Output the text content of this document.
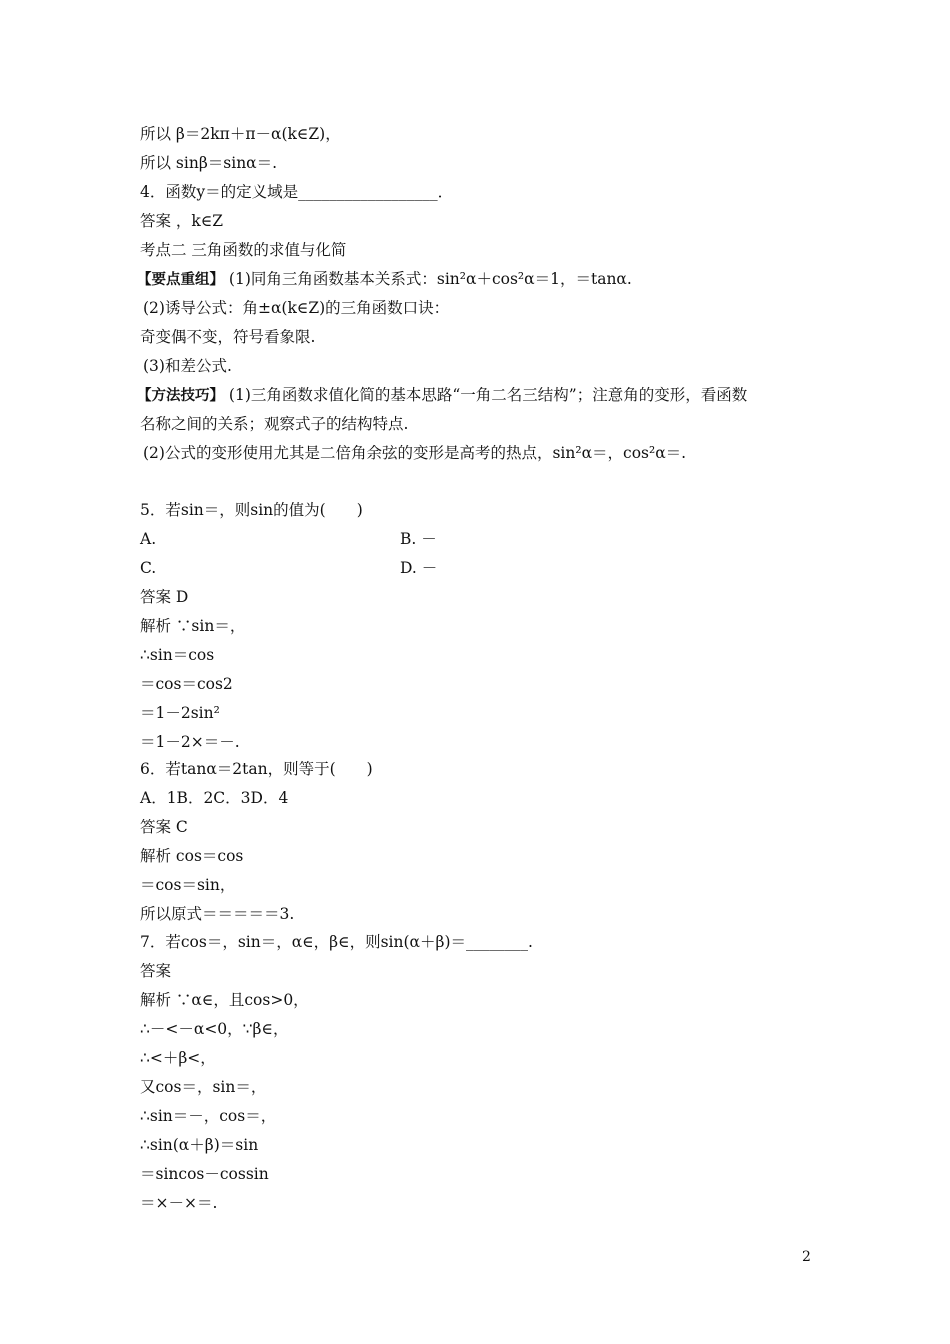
所以 β＝2kπ＋π－α(k∈Z)，
所以 sinβ＝sinα＝.
4．函数y＝的定义域是__________________．
答案 ，k∈Z
考点二 三角函数的求值与化简
【要点重组】 (1)同角三角函数基本关系式：sin²α＋cos²α＝1，＝tanα.
(2)诱导公式：角±α(k∈Z)的三角函数口诀：
奇变偶不变，符号看象限.
(3)和差公式.
【方法技巧】 (1)三角函数求值化简的基本思路“一角二名三结构”；注意角的变形，看函数
名称之间的关系；观察式子的结构特点.
(2)公式的变形使用尤其是二倍角余弦的变形是高考的热点，sin²α＝，cos²α＝.
5．若sin＝，则sin的值为(　　)
A.	B. －
C.	D. －
答案 D
解析 ∵sin＝，
∴sin＝cos
＝cos＝cos2
＝1－2sin²
＝1－2×＝－.
6．若tanα＝2tan，则等于(　　)
A．1B．2C．3D．4
答案 C
解析 cos＝cos
＝cos＝sin，
所以原式＝＝＝＝＝3.
7．若cos＝，sin＝，α∈，β∈，则sin(α＋β)＝________.
答案
解析 ∵α∈，且cos>0，
∴－<－α<0，∵β∈，
∴<＋β<，
又cos＝，sin＝，
∴sin＝－，cos＝，
∴sin(α＋β)＝sin
＝sincos－cossin
＝×－×＝.
2
